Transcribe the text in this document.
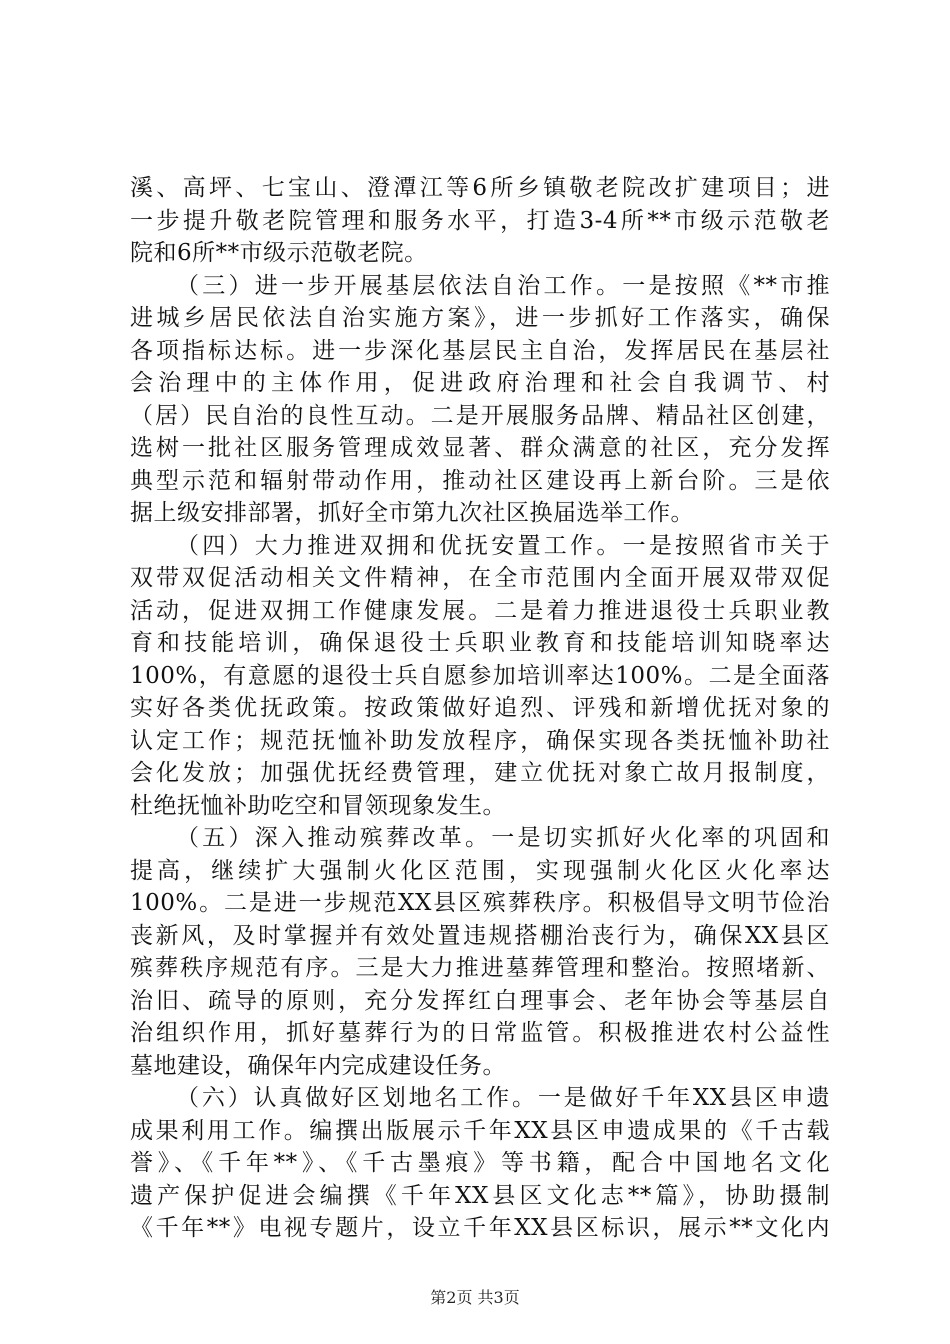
溪、高坪、七宝山、澄潭江等6所乡镇敬老院改扩建项目；进
一步提升敬老院管理和服务水平，打造3-4所**市级示范敬老
院和6所**市级示范敬老院。
（三）进一步开展基层依法自治工作。一是按照《**市推
进城乡居民依法自治实施方案》，进一步抓好工作落实，确保
各项指标达标。进一步深化基层民主自治，发挥居民在基层社
会治理中的主体作用，促进政府治理和社会自我调节、村
（居）民自治的良性互动。二是开展服务品牌、精品社区创建，
选树一批社区服务管理成效显著、群众满意的社区，充分发挥
典型示范和辐射带动作用，推动社区建设再上新台阶。三是依
据上级安排部署，抓好全市第九次社区换届选举工作。
（四）大力推进双拥和优抚安置工作。一是按照省市关于
双带双促活动相关文件精神，在全市范围内全面开展双带双促
活动，促进双拥工作健康发展。二是着力推进退役士兵职业教
育和技能培训，确保退役士兵职业教育和技能培训知晓率达
100%，有意愿的退役士兵自愿参加培训率达100%。二是全面落
实好各类优抚政策。按政策做好追烈、评残和新增优抚对象的
认定工作；规范抚恤补助发放程序，确保实现各类抚恤补助社
会化发放；加强优抚经费管理，建立优抚对象亡故月报制度，
杜绝抚恤补助吃空和冒领现象发生。
（五）深入推动殡葬改革。一是切实抓好火化率的巩固和
提高，继续扩大强制火化区范围，实现强制火化区火化率达
100%。二是进一步规范XX县区殡葬秩序。积极倡导文明节俭治
丧新风，及时掌握并有效处置违规搭棚治丧行为，确保XX县区
殡葬秩序规范有序。三是大力推进墓葬管理和整治。按照堵新、
治旧、疏导的原则，充分发挥红白理事会、老年协会等基层自
治组织作用，抓好墓葬行为的日常监管。积极推进农村公益性
墓地建设，确保年内完成建设任务。
（六）认真做好区划地名工作。一是做好千年XX县区申遗
成果利用工作。编撰出版展示千年XX县区申遗成果的《千古载
誉》、《千年**》、《千古墨痕》等书籍，配合中国地名文化
遗产保护促进会编撰《千年XX县区文化志**篇》，协助摄制
《千年**》电视专题片，设立千年XX县区标识，展示**文化内
第2页 共3页
